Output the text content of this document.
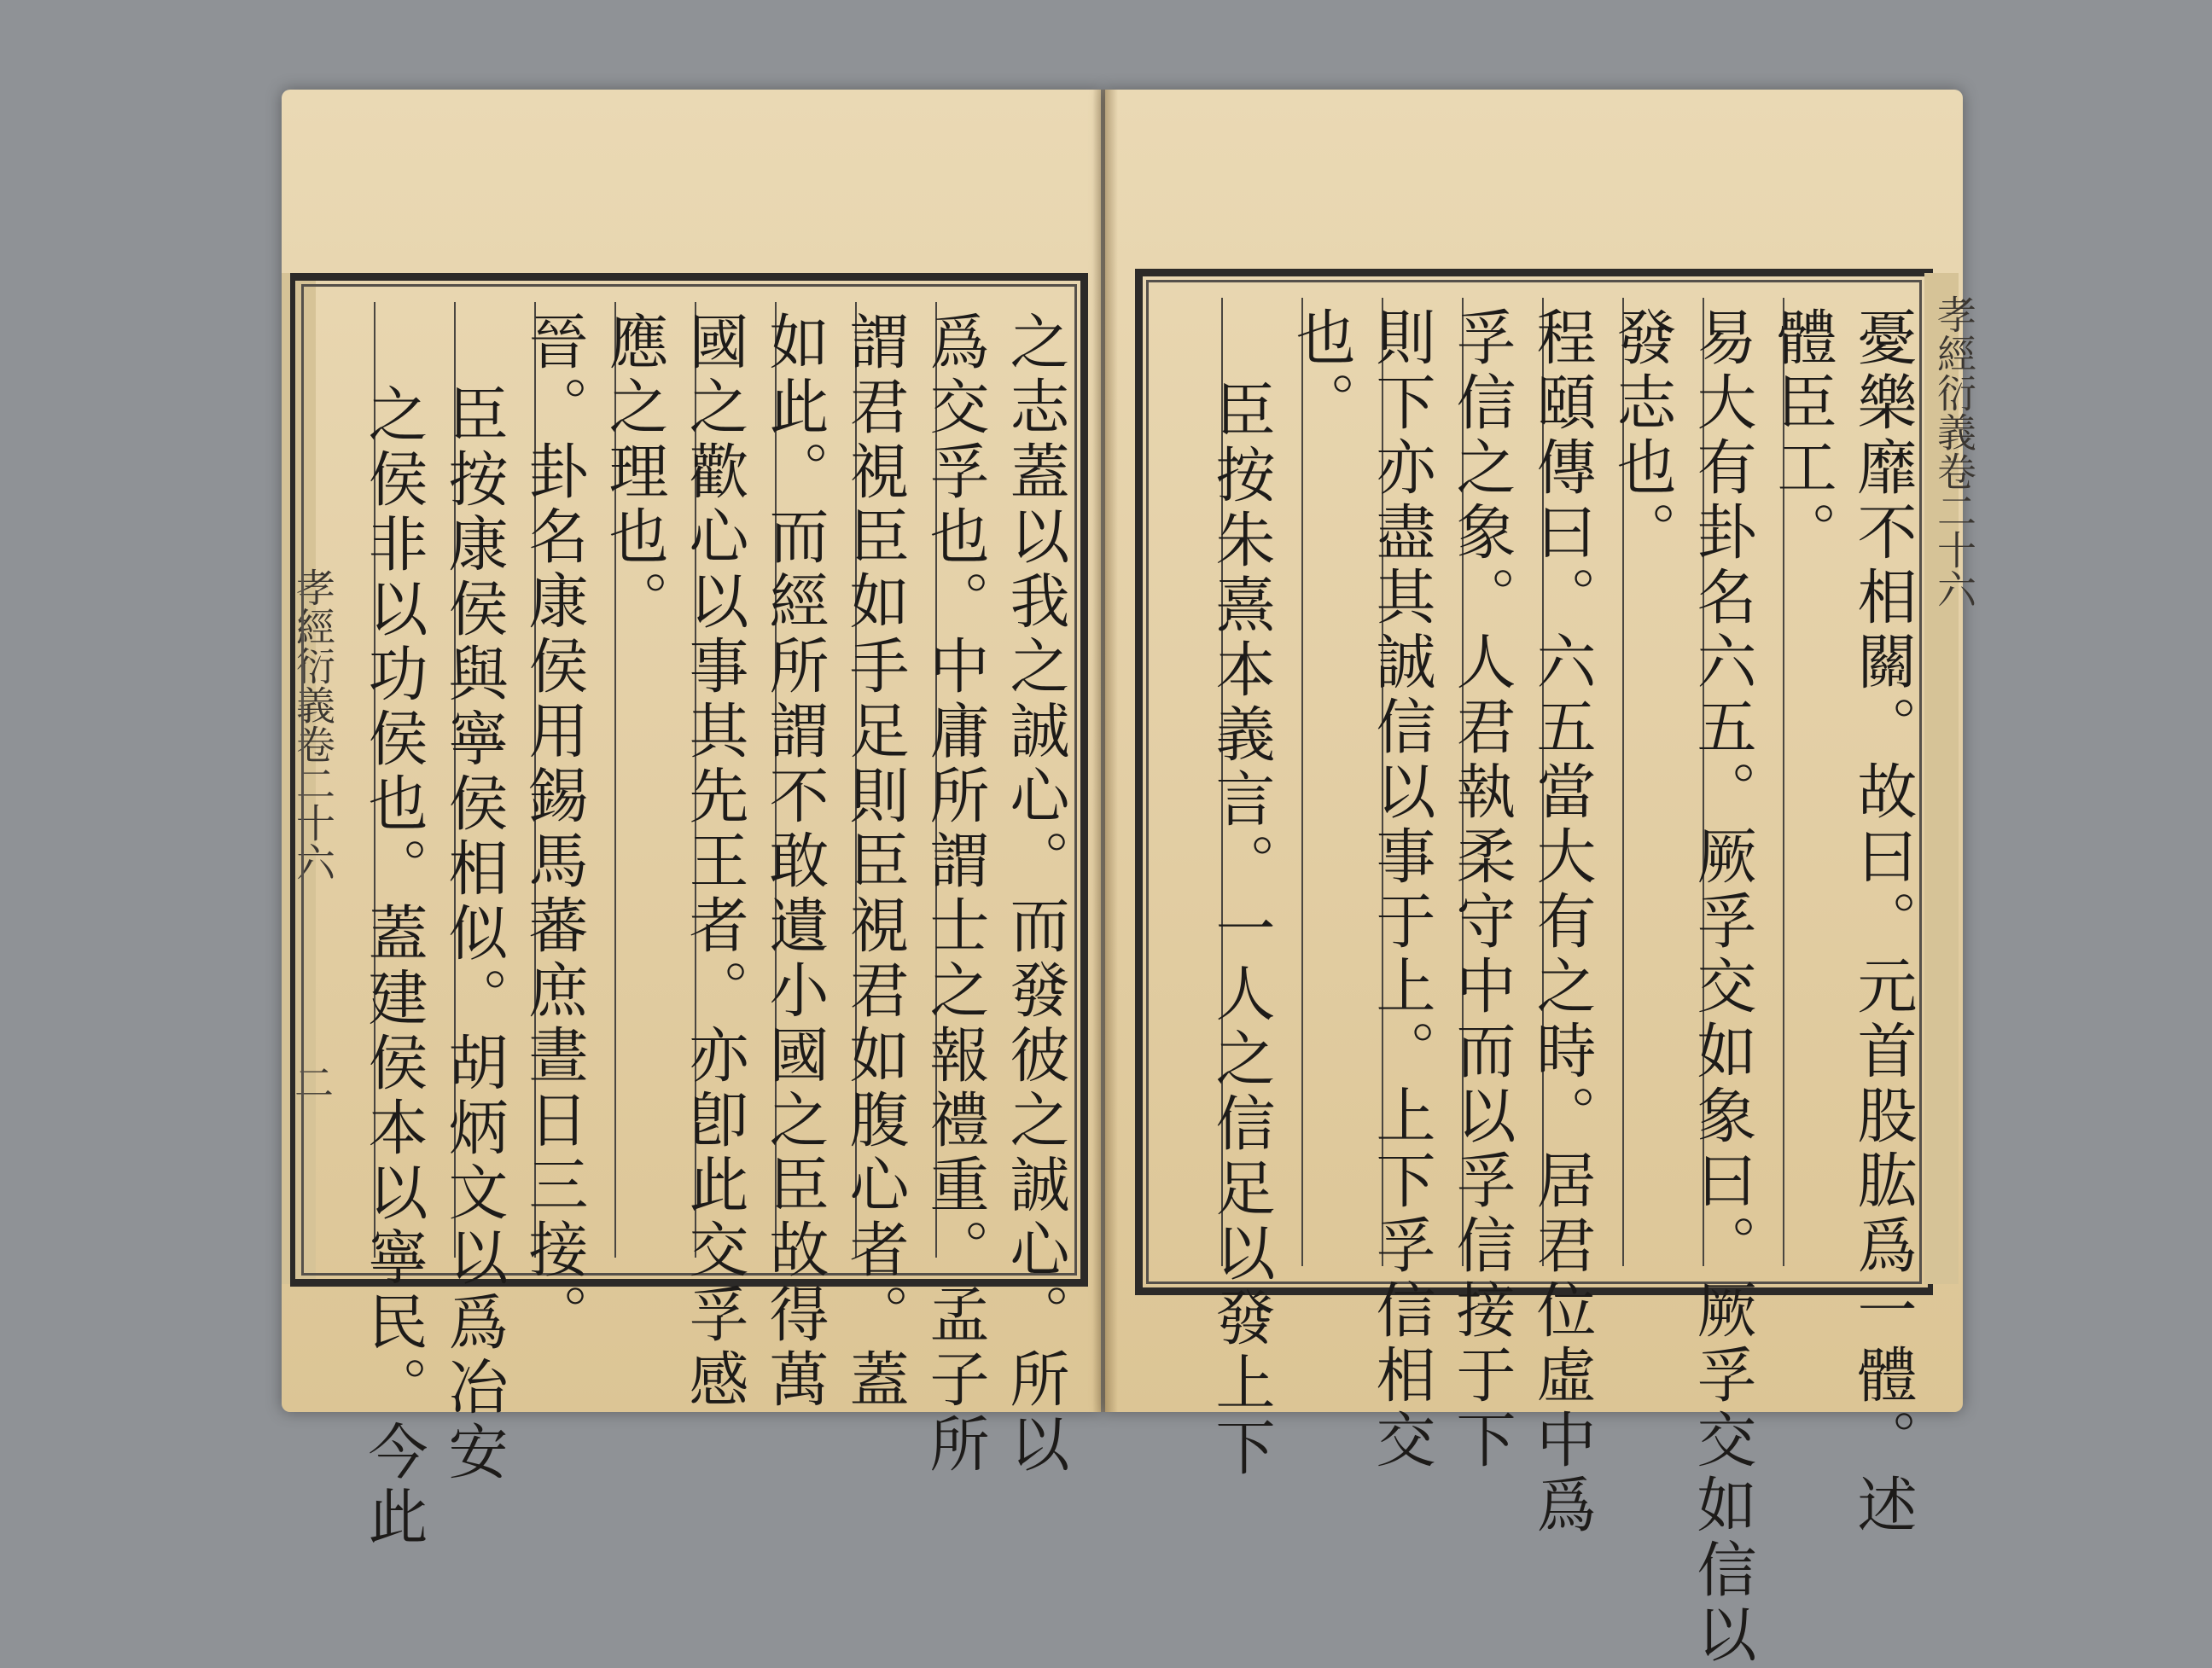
孝經衍義卷二十六
二	之志蓋以我之誠心。而發彼之誠心。所以
爲交孚也。中庸所謂士之報禮重。孟子所
謂君視臣如手足則臣視君如腹心者。蓋
如此。而經所謂不敢遺小國之臣故得萬
國之歡心以事其先王者。亦卽此交孚感
應之理也。
晉。卦名康侯用錫馬蕃庶晝日三接。
臣按康侯與寧侯相似。胡炳文以爲冶安
之侯非以功侯也。蓋建侯本以寧民。今此	憂樂靡不相關。故曰。元首股肱爲一體。述
體臣工。
易大有卦名六五。厥孚交如象曰。厥孚交如信以
發志也。
程頤傳曰。六五當大有之時。居君位虛中爲
孚信之象。人君執柔守中而以孚信接于下
則下亦盡其誠信以事于上。上下孚信相交
也。
臣按朱熹本義言。一人之信足以發上下	孝經衍義卷二十六
